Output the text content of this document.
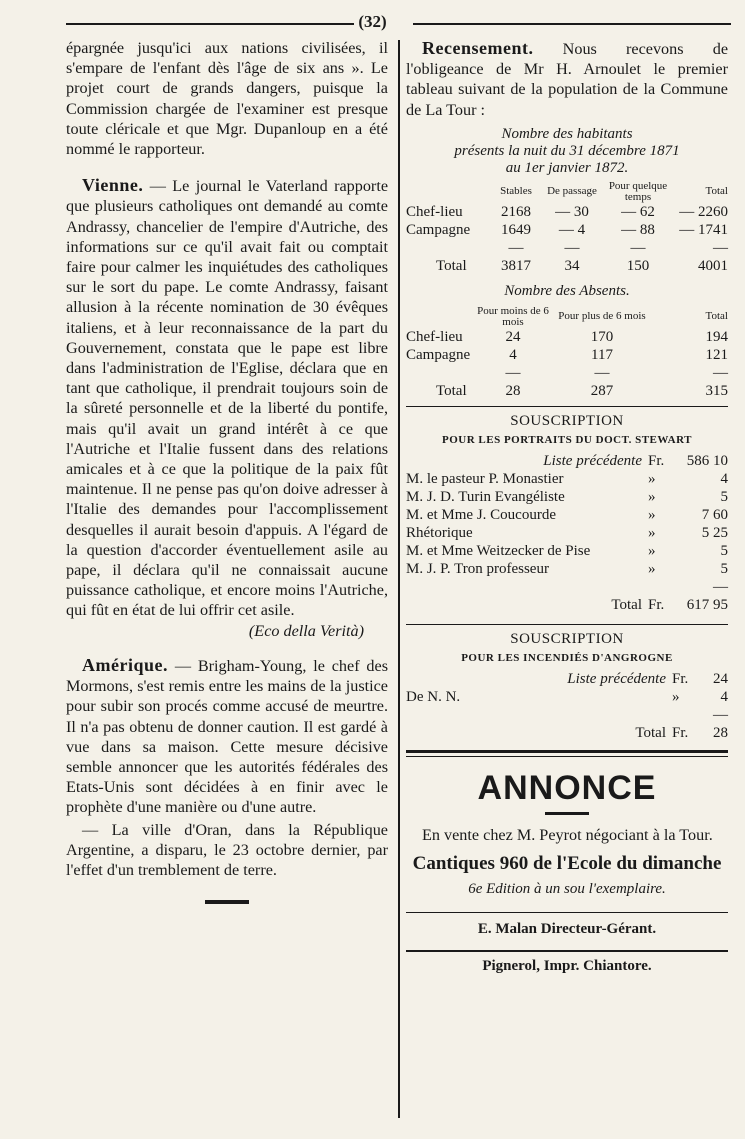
(32)

épargnée jusqu'ici aux nations civilisées, il s'empare de l'enfant dès l'âge de six ans ». Le projet court de grands dangers, puisque la Commission chargée de l'examiner est presque toute cléricale et que Mgr. Dupanloup en a été nommé le rapporteur.

Vienne. — Le journal le Vaterland rapporte que plusieurs catholiques ont demandé au comte Andrassy, chancelier de l'empire d'Autriche, des informations sur ce qu'il avait fait ou comptait faire pour calmer les inquiétudes des catholiques sur le sort du pape. Le comte Andrassy, faisant allusion à la récente nomination de 30 évêques italiens, et à leur reconnaissance de la part du Gouvernement, constata que le pape est libre dans l'administration de l'Eglise, déclara que en tant que catholique, il prendrait toujours soin de la sûreté personnelle et de la liberté du pontife, mais qu'il avait un grand intérêt à ce que l'Autriche et l'Italie fussent dans des relations amicales et à ce que la politique de la paix fût maintenue. Il ne pense pas qu'on doive adresser à l'Italie des demandes pour l'accomplissement desquelles il aurait besoin d'appuis. A l'égard de la question d'accorder éventuellement asile au pape, il déclara qu'il ne connaissait aucune puissance catholique, et encore moins l'Autriche, qui fût en état de lui offrir cet asile.

(Eco della Verità)

Amérique. — Brigham-Young, le chef des Mormons, s'est remis entre les mains de la justice pour subir son procés comme accusé de meurtre. Il n'a pas obtenu de donner caution. Il est gardé à vue dans sa maison. Cette mesure décisive semble annoncer que les autorités fédérales des Etats-Unis sont décidées à en finir avec le prophète d'une manière ou d'une autre.

— La ville d'Oran, dans la République Argentine, a disparu, le 23 octobre dernier, par l'effet d'un tremblement de terre.

Recensement. Nous recevons de l'obligeance de Mr H. Arnoulet le premier tableau suivant de la population de la Commune de La Tour :

Nombre des habitants
présents la nuit du 31 décembre 1871
au 1er janvier 1872.
	Stables	De passage	Pour quelque temps	Total
Chef-lieu	2168	— 30	— 62	— 2260
Campagne	1649	— 4	— 88	— 1741
	—	—	—	—
Total	3817	34	150	4001
Nombre des Absents.
	Pour moins de 6 mois	Pour plus de 6 mois	Total
Chef-lieu	24	170	194
Campagne	4	117	121
	—	—	—
Total	28	287	315
SOUSCRIPTION
POUR LES PORTRAITS DU DOCT. STEWART
Liste précédente	Fr.	586 10
M. le pasteur P. Monastier	»	4
M. J. D. Turin Evangéliste	»	5
M. et Mme J. Coucourde	»	7 60
Rhétorique	»	5 25
M. et Mme Weitzecker de Pise	»	5
M. J. P. Tron professeur	»	5
		—
Total	Fr.	617 95
SOUSCRIPTION
POUR LES INCENDIÉS D'ANGROGNE
Liste précédente	Fr.	24
De N. N.	»	4
		—
Total	Fr.	28
ANNONCE

En vente chez M. Peyrot négociant à la Tour.

Cantiques 960 de l'Ecole du dimanche
6e Edition à un sou l'exemplaire.
E. Malan Directeur-Gérant.
Pignerol, Impr. Chiantore.
